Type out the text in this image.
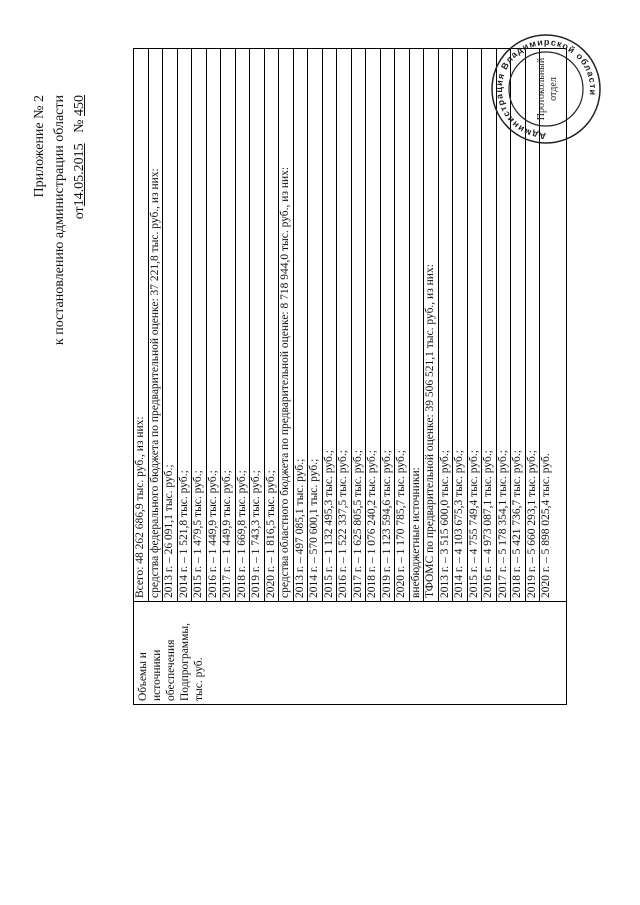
Приложение № 2 к постановлению администрации области от14.05.2015   № 450
Объемы и источники обеспечения Подпрограммы, тыс. руб.
Всего: 48 262 686,9 тыс. руб., из них: средства федерального бюджета по предварительной оценке: 37 221,8 тыс. руб., из них: 2013 г. – 26 091,1 тыс. руб.; 2014 г. – 1 521,8 тыс. руб.; 2015 г. – 1 479,5 тыс. руб.; 2016 г. – 1 449,9 тыс. руб.; 2017 г. – 1 449,9 тыс. руб.; 2018 г. – 1 669,8 тыс. руб.; 2019 г. – 1 743,3 тыс. руб.; 2020 г. – 1 816,5 тыс. руб.; средства областного бюджета по предварительной оценке: 8 718 944,0 тыс. руб., из них: 2013 г. – 497 085,1 тыс. руб.; 2014 г. – 570 600,1 тыс. руб.; 2015 г. – 1 132 495,3 тыс. руб.; 2016 г. – 1 522 337,5 тыс. руб.; 2017 г. – 1 625 805,5 тыс. руб.; 2018 г. – 1 076 240,2 тыс. руб.; 2019 г. – 1 123 594,6 тыс. руб.; 2020 г. – 1 170 785,7 тыс. руб.; внебюджетные источники: ТФОМС по предварительной оценке: 39 506 521,1 тыс. руб., из них: 2013 г. – 3 515 600,0 тыс. руб.; 2014 г. – 4 103 675,3 тыс. руб.; 2015 г. – 4 755 749,4 тыс. руб.; 2016 г. – 4 973 087,1 тыс. руб.; 2017 г. – 5 178 354,1 тыс. руб.; 2018 г. – 5 421 736,7 тыс. руб.; 2019 г. – 5 660 293,1 тыс. руб.; 2020 г. – 5 898 025,4 тыс. руб.
Администрация Владимирской области
Протокольный отдел
